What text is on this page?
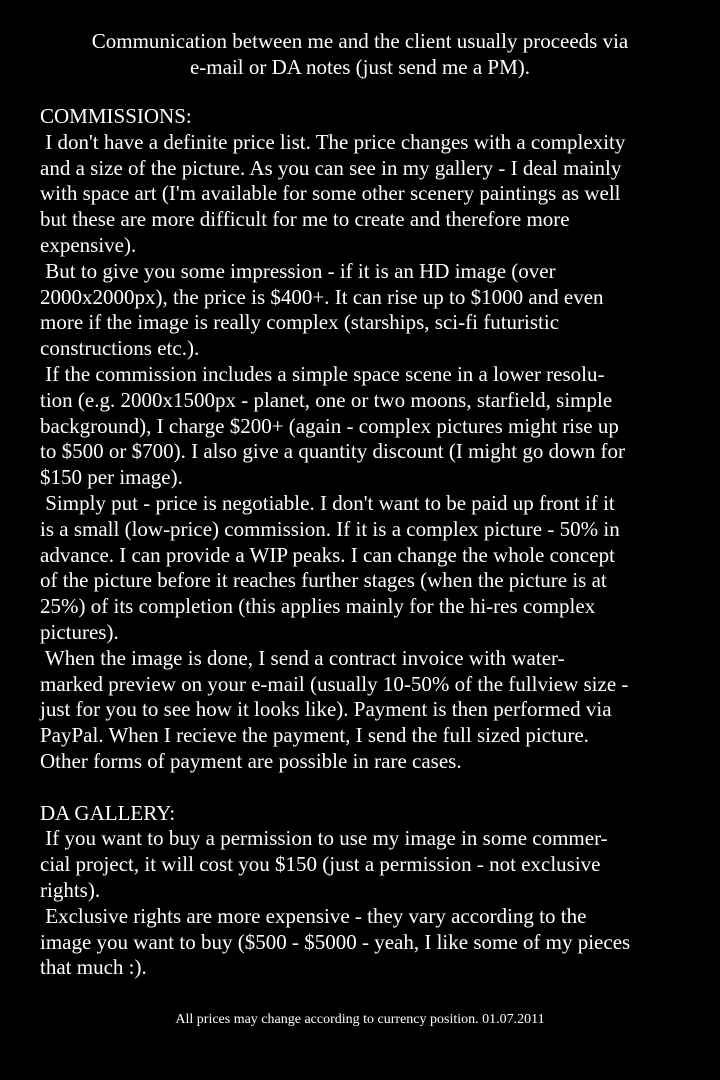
Communication between me and the client usually proceeds via
e-mail or DA notes (just send me a PM).
COMMISSIONS:
I don't have a definite price list. The price changes with a complexity
and a size of the picture. As you can see in my gallery - I deal mainly
with space art (I'm available for some other scenery paintings as well
but these are more difficult for me to create and therefore more
expensive).
But to give you some impression - if it is an HD image (over
2000x2000px), the price is $400+. It can rise up to $1000 and even
more if the image is really complex (starships, sci-fi futuristic
constructions etc.).
If the commission includes a simple space scene in a lower resolu-
tion (e.g. 2000x1500px - planet, one or two moons, starfield, simple
background), I charge $200+ (again - complex pictures might rise up
to $500 or $700). I also give a quantity discount (I might go down for
$150 per image).
Simply put - price is negotiable. I don't want to be paid up front if it
is a small (low-price) commission. If it is a complex picture - 50% in
advance. I can provide a WIP peaks. I can change the whole concept
of the picture before it reaches further stages (when the picture is at
25%) of its completion (this applies mainly for the hi-res complex
pictures).
When the image is done, I send a contract invoice with water-
marked preview on your e-mail (usually 10-50% of the fullview size -
just for you to see how it looks like). Payment is then performed via
PayPal. When I recieve the payment, I send the full sized picture.
Other forms of payment are possible in rare cases.
DA GALLERY:
If you want to buy a permission to use my image in some commer-
cial project, it will cost you $150 (just a permission - not exclusive
rights).
Exclusive rights are more expensive - they vary according to the
image you want to buy ($500 - $5000 - yeah, I like some of my pieces
that much :).
All prices may change according to currency position. 01.07.2011
